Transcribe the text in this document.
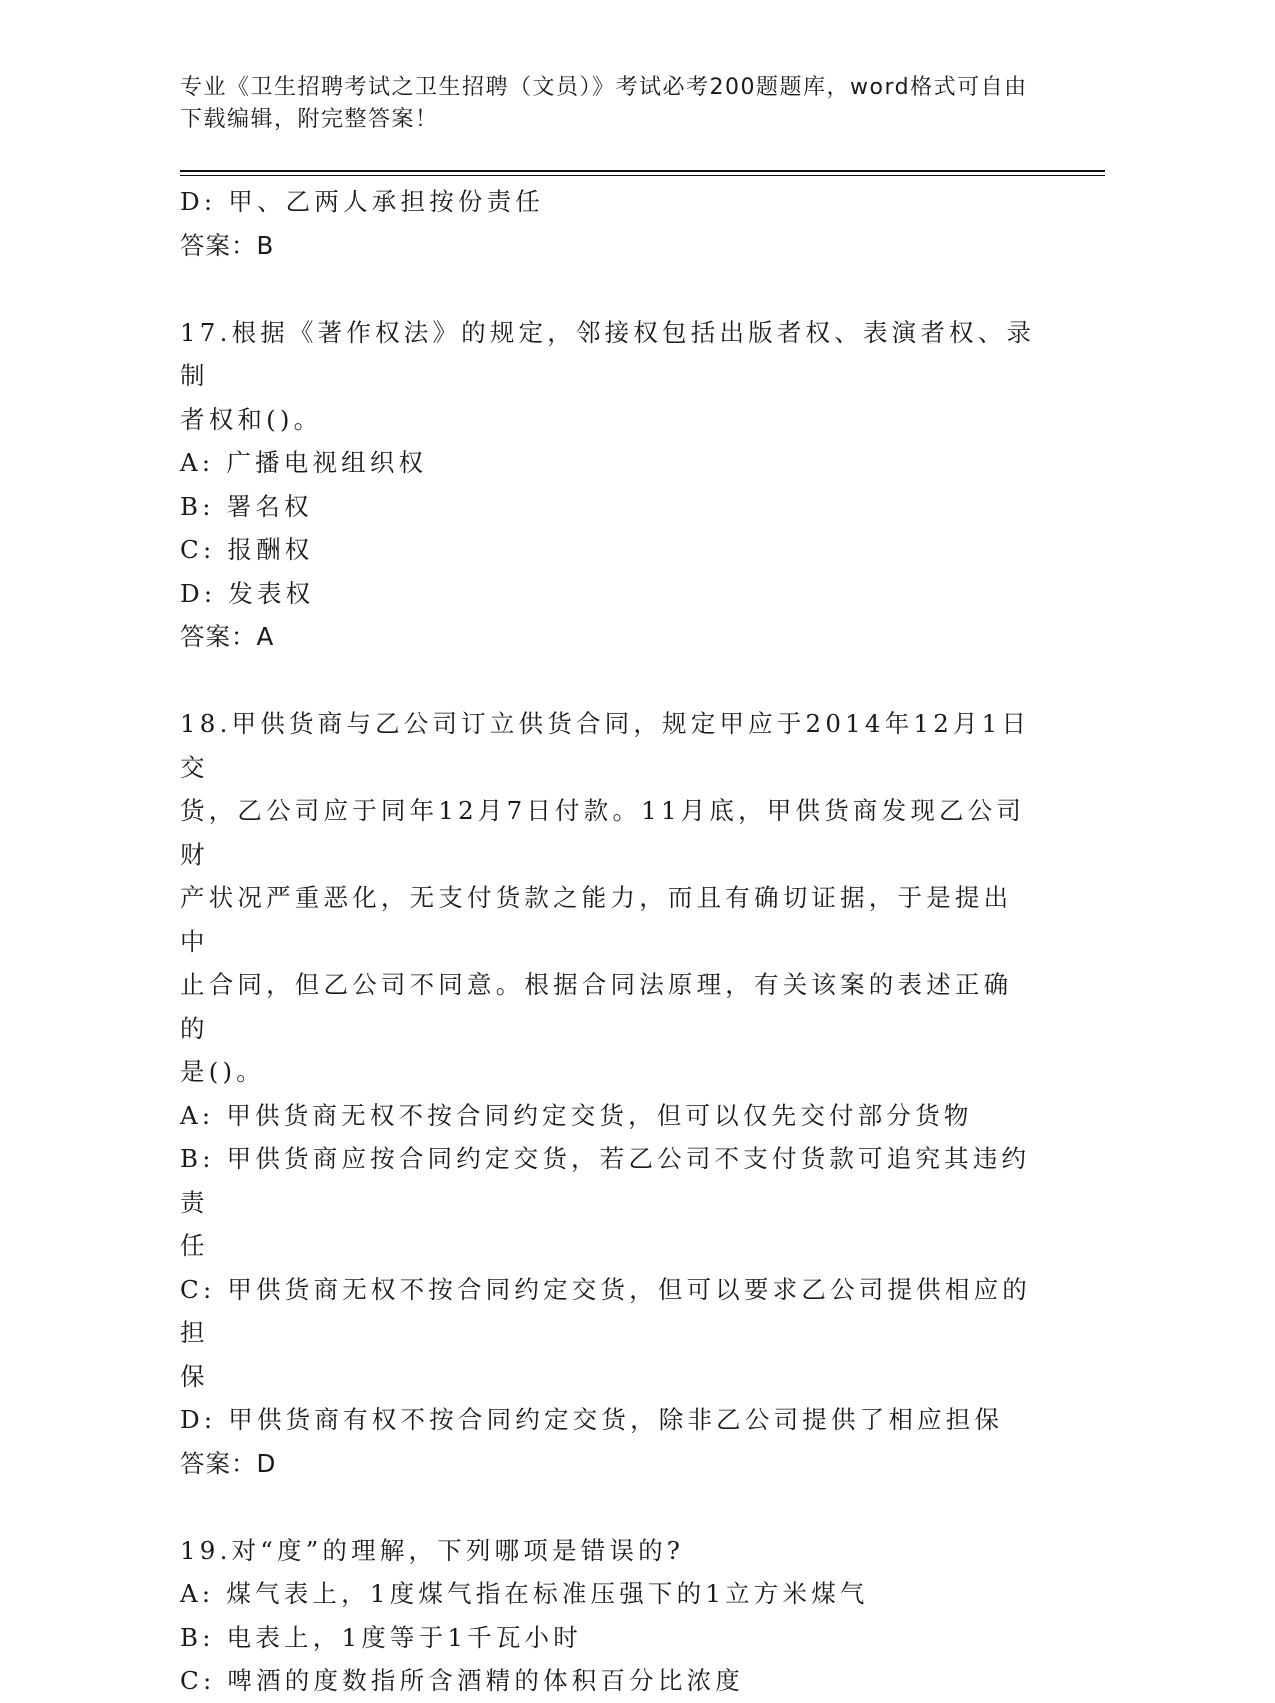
专业《卫生招聘考试之卫生招聘（文员）》考试必考200题题库，word格式可自由下载编辑，附完整答案！

D: 甲、乙两人承担按份责任

答案：B

17.根据《著作权法》的规定，邻接权包括出版者权、表演者权、录制

者权和()。

A: 广播电视组织权

B: 署名权

C: 报酬权

D: 发表权

答案：A

18.甲供货商与乙公司订立供货合同，规定甲应于2014年12月1日交

货，乙公司应于同年12月7日付款。11月底，甲供货商发现乙公司财

产状况严重恶化，无支付货款之能力，而且有确切证据，于是提出中

止合同，但乙公司不同意。根据合同法原理，有关该案的表述正确的

是()。

A: 甲供货商无权不按合同约定交货，但可以仅先交付部分货物

B: 甲供货商应按合同约定交货，若乙公司不支付货款可追究其违约责

任

C: 甲供货商无权不按合同约定交货，但可以要求乙公司提供相应的担

保

D: 甲供货商有权不按合同约定交货，除非乙公司提供了相应担保

答案：D

19.对“度”的理解，下列哪项是错误的?

A: 煤气表上，1度煤气指在标准压强下的1立方米煤气

B: 电表上，1度等于1千瓦小时

C: 啤酒的度数指所含酒精的体积百分比浓度
